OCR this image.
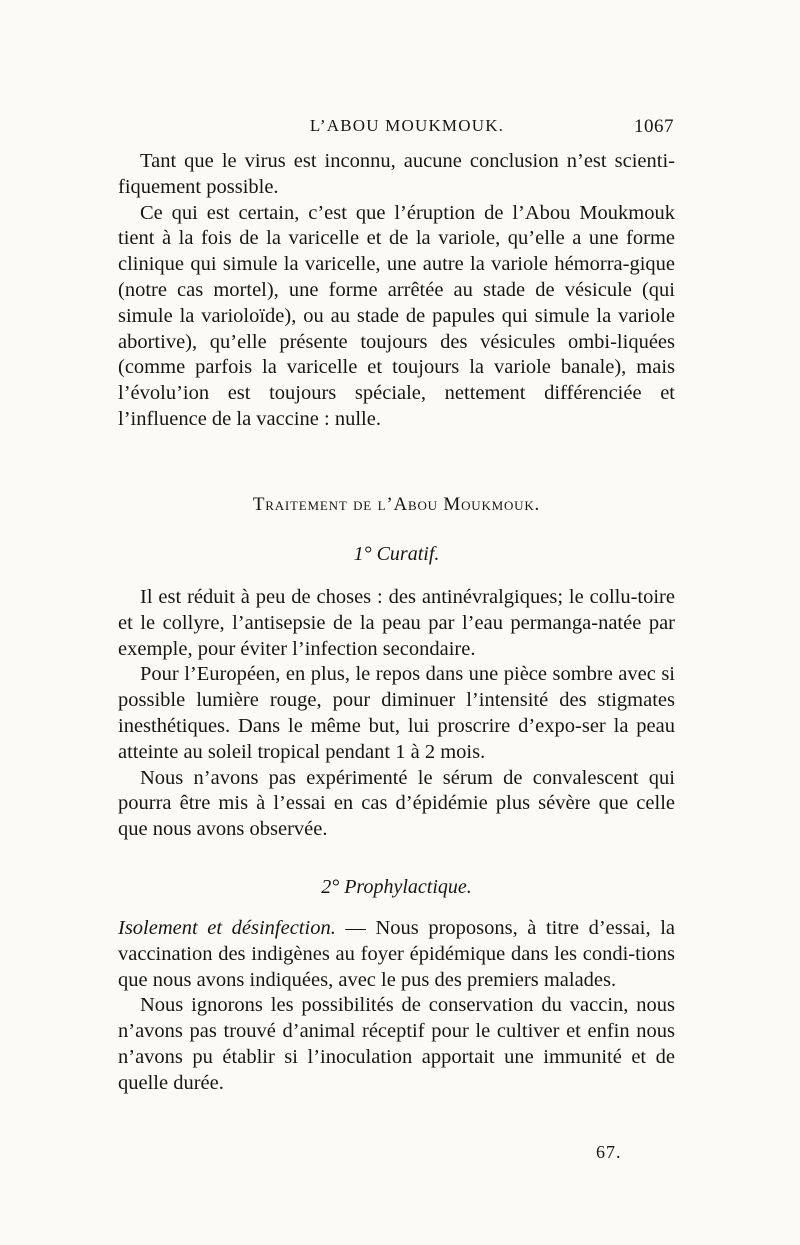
L’ABOU MOUKMOUK.	1067

Tant que le virus est inconnu, aucune conclusion n’est scienti-fiquement possible.

Ce qui est certain, c’est que l’éruption de l’Abou Moukmouk tient à la fois de la varicelle et de la variole, qu’elle a une forme clinique qui simule la varicelle, une autre la variole hémorra-gique (notre cas mortel), une forme arrêtée au stade de vésicule (qui simule la varioloïde), ou au stade de papules qui simule la variole abortive), qu’elle présente toujours des vésicules ombi-liquées (comme parfois la varicelle et toujours la variole banale), mais l’évolu’ion est toujours spéciale, nettement différenciée et l’influence de la vaccine : nulle.

Traitement de l’Abou Moukmouk.
1° Curatif.

Il est réduit à peu de choses : des antinévralgiques; le collu-toire et le collyre, l’antisepsie de la peau par l’eau permanga-natée par exemple, pour éviter l’infection secondaire.

Pour l’Européen, en plus, le repos dans une pièce sombre avec si possible lumière rouge, pour diminuer l’intensité des stigmates inesthétiques. Dans le même but, lui proscrire d’expo-ser la peau atteinte au soleil tropical pendant 1 à 2 mois.

Nous n’avons pas expérimenté le sérum de convalescent qui pourra être mis à l’essai en cas d’épidémie plus sévère que celle que nous avons observée.

2° Prophylactique.

Isolement et désinfection. — Nous proposons, à titre d’essai, la vaccination des indigènes au foyer épidémique dans les condi-tions que nous avons indiquées, avec le pus des premiers malades.

Nous ignorons les possibilités de conservation du vaccin, nous n’avons pas trouvé d’animal réceptif pour le cultiver et enfin nous n’avons pu établir si l’inoculation apportait une immunité et de quelle durée.

67.
